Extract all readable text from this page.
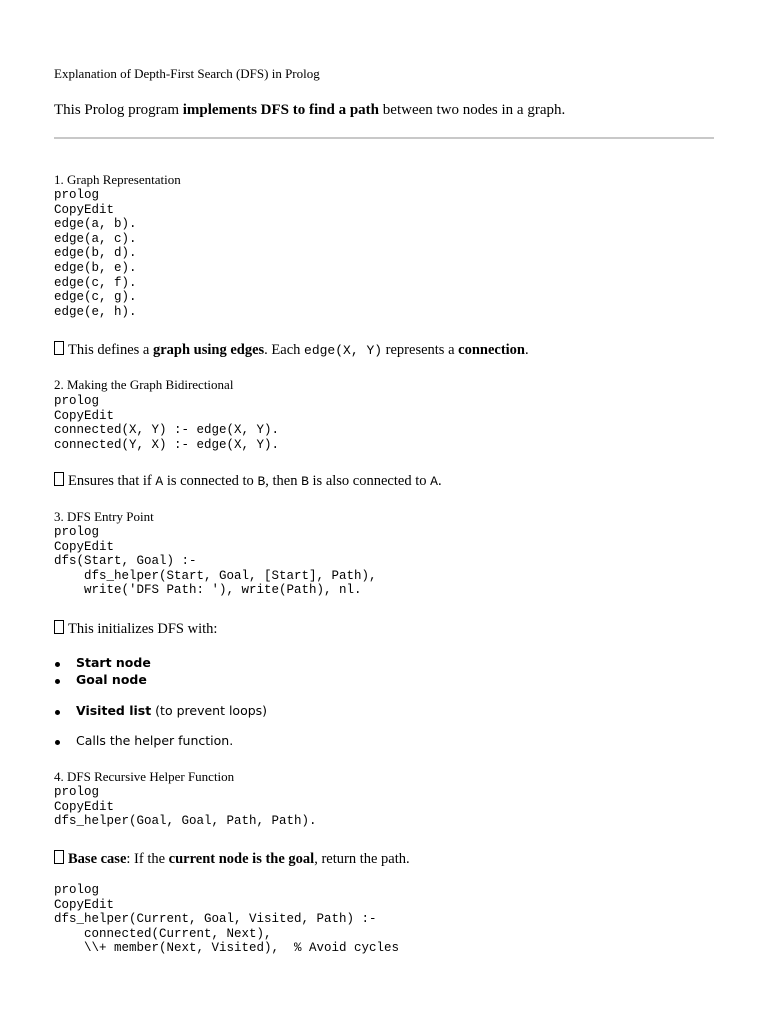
Explanation of Depth-First Search (DFS) in Prolog
This Prolog program implements DFS to find a path between two nodes in a graph.
1. Graph Representation
prolog
CopyEdit
edge(a, b).
edge(a, c).
edge(b, d).
edge(b, e).
edge(c, f).
edge(c, g).
edge(e, h).
This defines a graph using edges. Each edge(X, Y) represents a connection.
2. Making the Graph Bidirectional
prolog
CopyEdit
connected(X, Y) :- edge(X, Y).
connected(Y, X) :- edge(X, Y).
Ensures that if A is connected to B, then B is also connected to A.
3. DFS Entry Point
prolog
CopyEdit
dfs(Start, Goal) :-
dfs_helper(Start, Goal, [Start], Path),
write('DFS Path: '), write(Path), nl.
This initializes DFS with:
Start node
Goal node
Visited list (to prevent loops)
Calls the helper function.
4. DFS Recursive Helper Function
prolog
CopyEdit
dfs_helper(Goal, Goal, Path, Path).
Base case: If the current node is the goal, return the path.
prolog
CopyEdit
dfs_helper(Current, Goal, Visited, Path) :-
connected(Current, Next),
\\+ member(Next, Visited),  % Avoid cycles
